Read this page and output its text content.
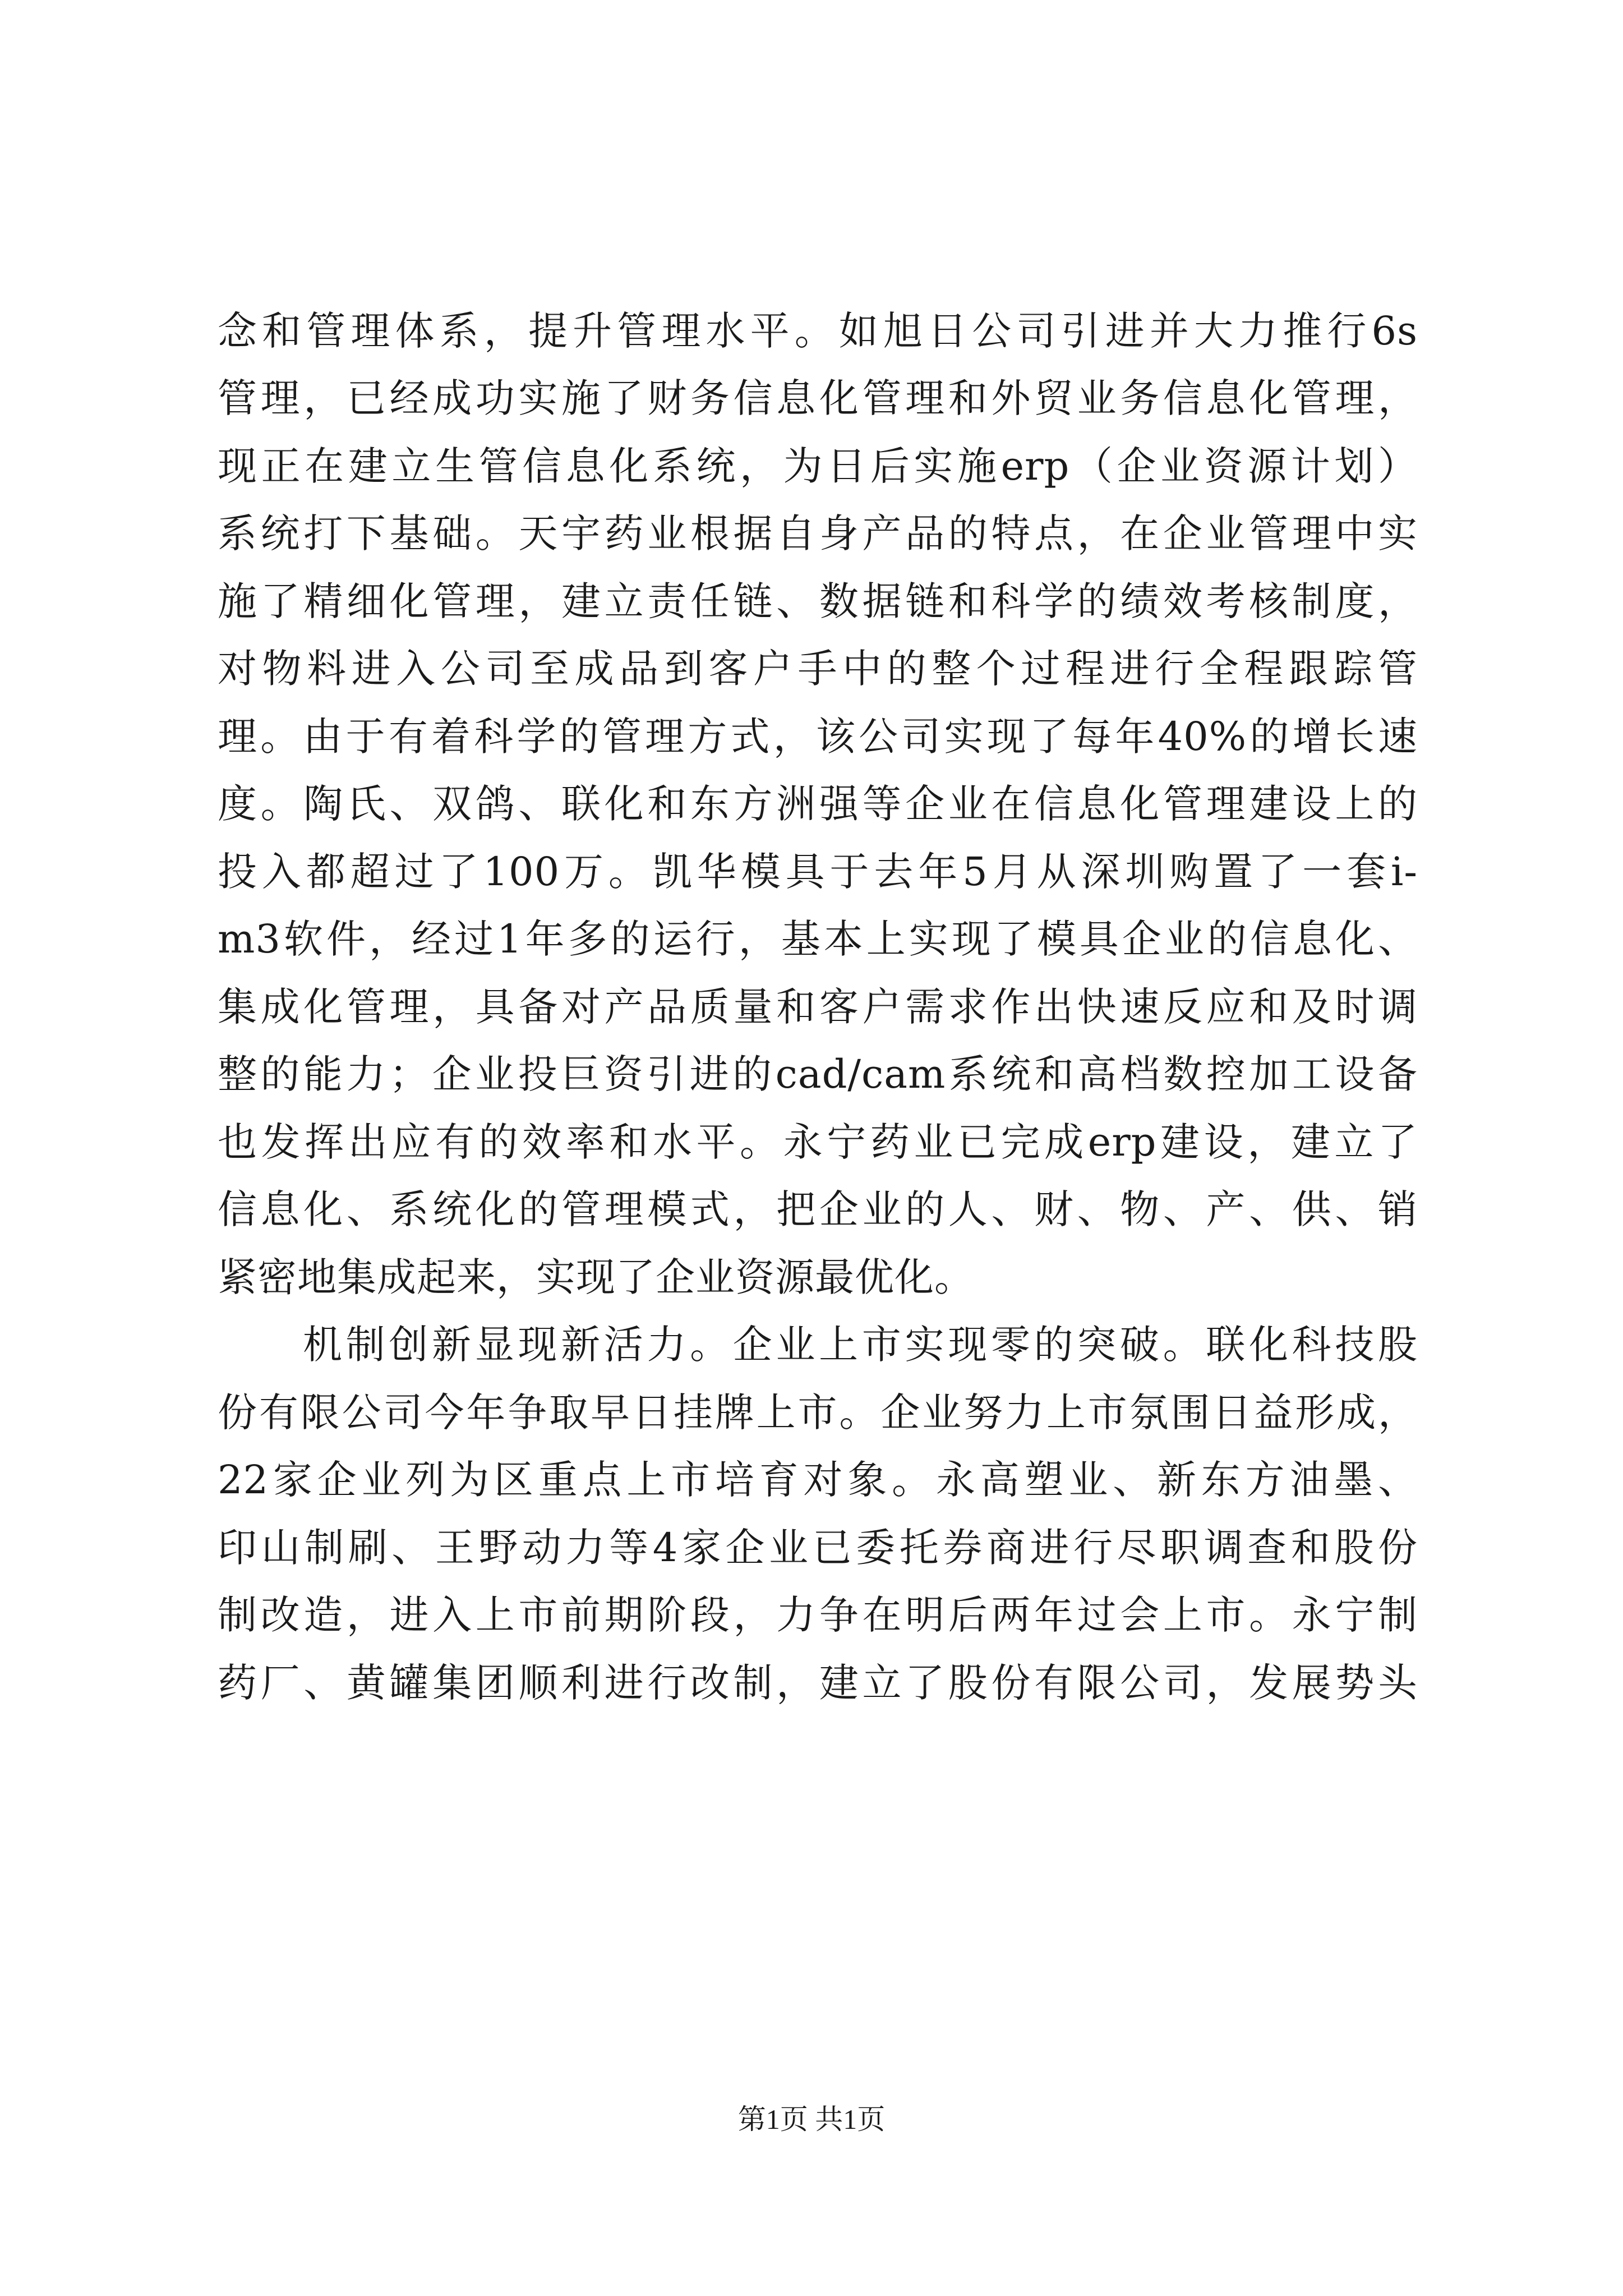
念和管理体系，提升管理水平。如旭日公司引进并大力推行6s
管理，已经成功实施了财务信息化管理和外贸业务信息化管理，
现正在建立生管信息化系统，为日后实施erp（企业资源计划）
系统打下基础。天宇药业根据自身产品的特点，在企业管理中实
施了精细化管理，建立责任链、数据链和科学的绩效考核制度，
对物料进入公司至成品到客户手中的整个过程进行全程跟踪管
理。由于有着科学的管理方式，该公司实现了每年40%的增长速
度。陶氏、双鸽、联化和东方洲强等企业在信息化管理建设上的
投入都超过了100万。凯华模具于去年5月从深圳购置了一套i-
m3软件，经过1年多的运行，基本上实现了模具企业的信息化、
集成化管理，具备对产品质量和客户需求作出快速反应和及时调
整的能力；企业投巨资引进的cad/cam系统和高档数控加工设备
也发挥出应有的效率和水平。永宁药业已完成erp建设，建立了
信息化、系统化的管理模式，把企业的人、财、物、产、供、销
紧密地集成起来，实现了企业资源最优化。
机制创新显现新活力。企业上市实现零的突破。联化科技股
份有限公司今年争取早日挂牌上市。企业努力上市氛围日益形成，
22家企业列为区重点上市培育对象。永高塑业、新东方油墨、
印山制刷、王野动力等4家企业已委托券商进行尽职调查和股份
制改造，进入上市前期阶段，力争在明后两年过会上市。永宁制
药厂、黄罐集团顺利进行改制，建立了股份有限公司，发展势头
第1页 共1页
